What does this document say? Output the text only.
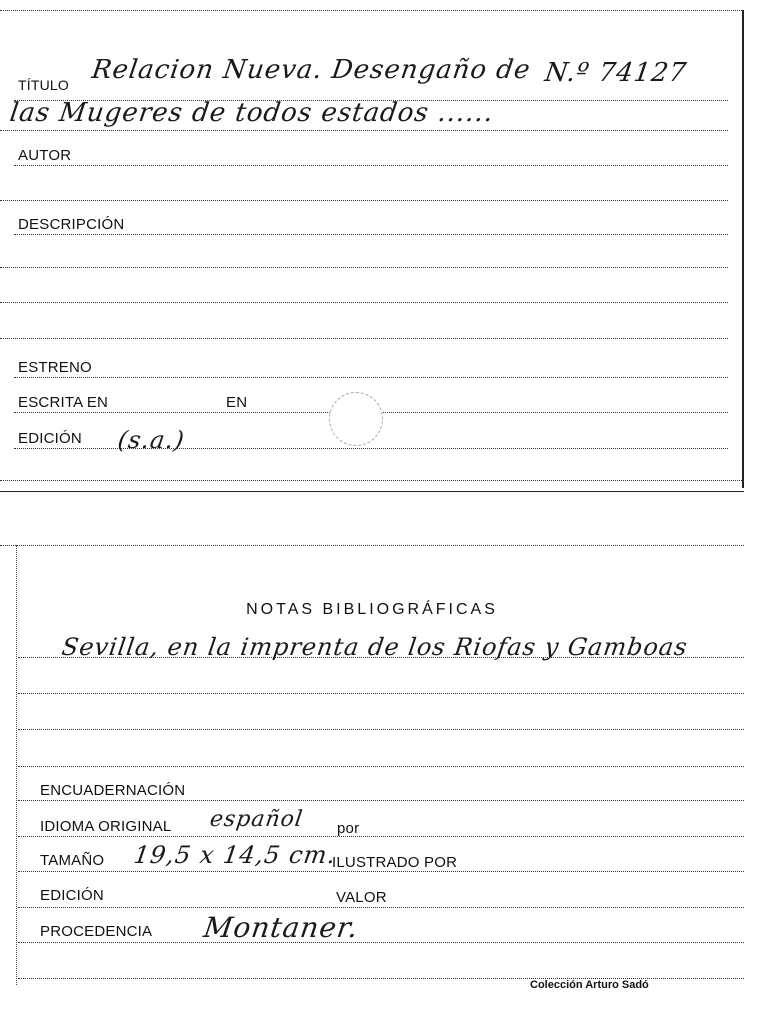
TÍTULO Relacion Nueva. Desengaño de N.º 74127
las Mugeres de todos estados ......
AUTOR
DESCRIPCIÓN
ESTRENO
ESCRITA EN	EN
EDICIÓN (s.a.)
NOTAS BIBLIOGRÁFICAS
Sevilla, en la imprenta de los Riofas y Gamboas
ENCUADERNACIÓN
IDIOMA ORIGINAL español por
TAMAÑO 19,5 x 14,5 cm.
ILUSTRADO POR
EDICIÓN	VALOR
PROCEDENCIA Montaner.
Colección Arturo Sadó
